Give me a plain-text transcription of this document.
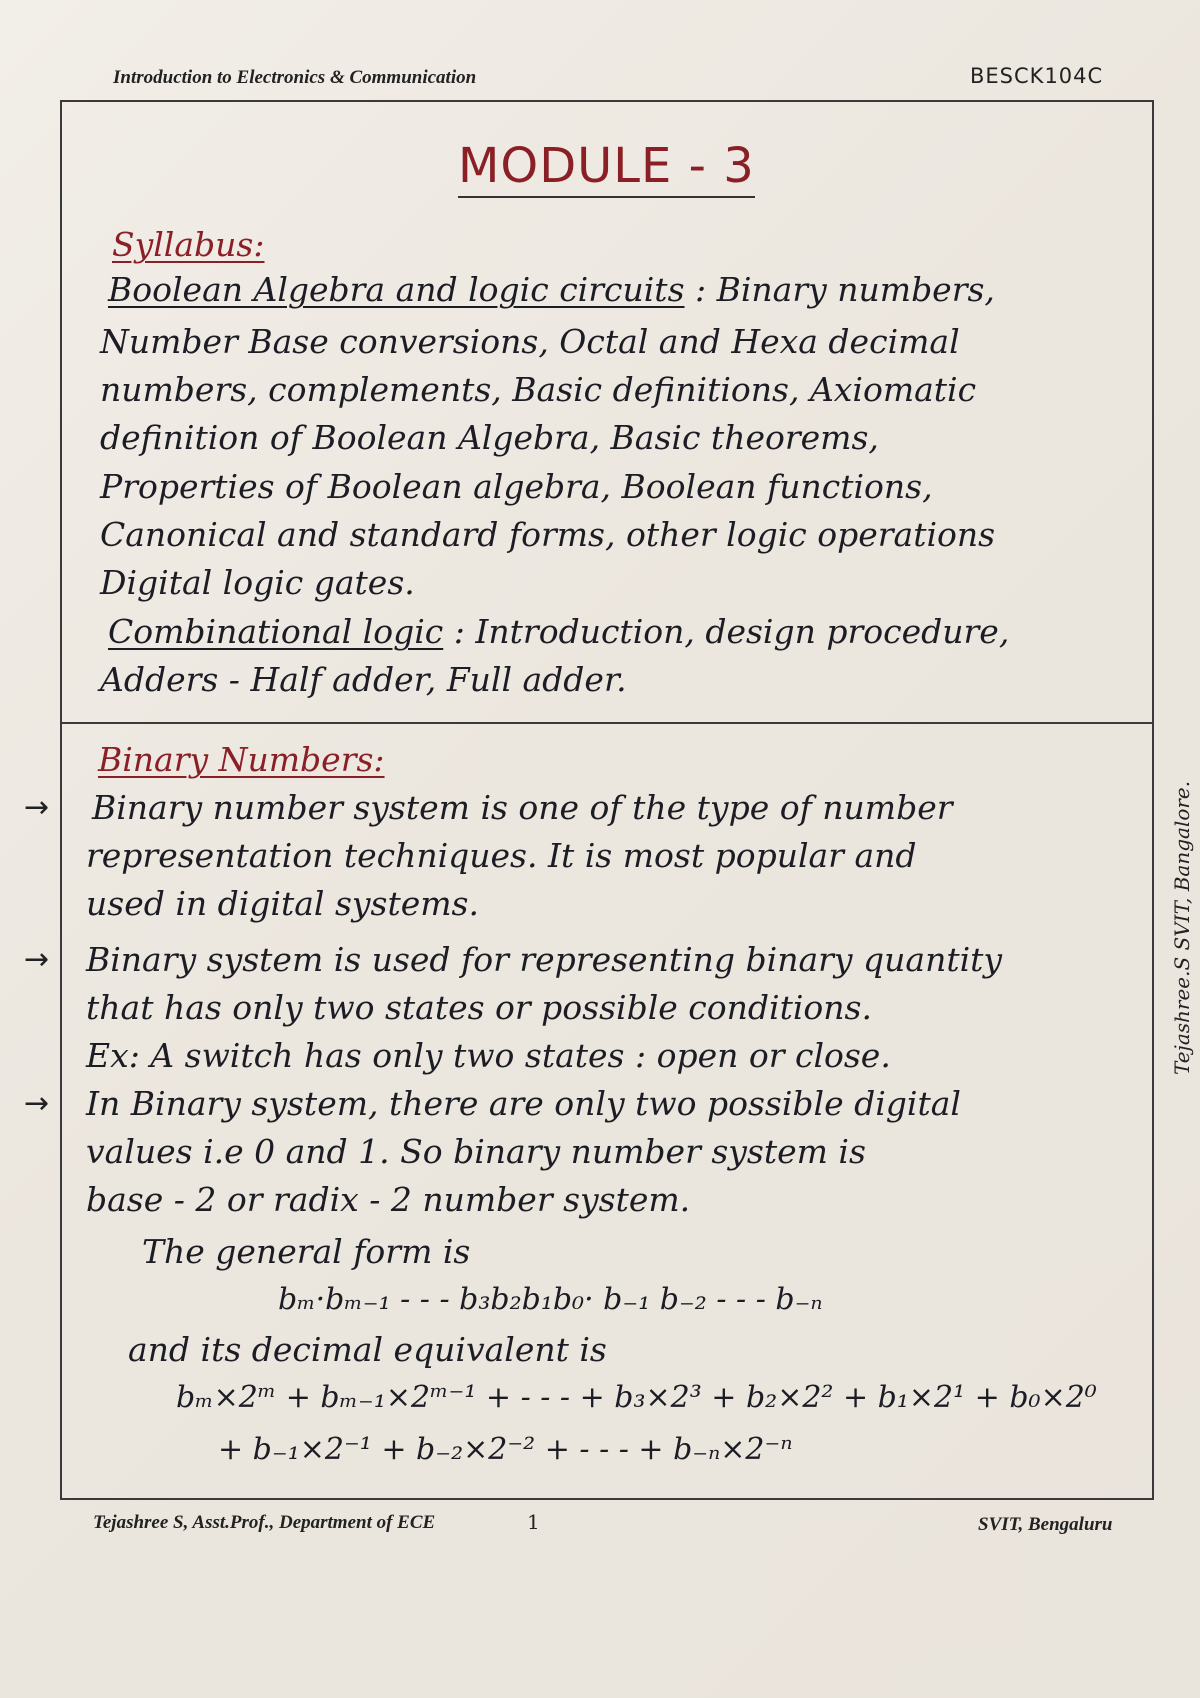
Introduction to Electronics & Communication	BESCK104C
MODULE - 3
Syllabus:
Boolean Algebra and logic circuits : Binary numbers,
Number Base conversions, Octal and Hexa decimal
numbers, complements, Basic definitions, Axiomatic
definition of Boolean Algebra, Basic theorems,
Properties of Boolean algebra, Boolean functions,
Canonical and standard forms, other logic operations
Digital logic gates.
Combinational logic : Introduction, design procedure,
Adders - Half adder, Full adder.
Binary Numbers:
→ Binary number system is one of the type of number
representation techniques. It is most popular and
used in digital systems.
→ Binary system is used for representing binary quantity
that has only two states or possible conditions.
Ex: A switch has only two states : open or close.
→ In Binary system, there are only two possible digital
values i.e 0 and 1. So binary number system is
base - 2 or radix - 2 number system.
The general form is
bₘ·bₘ₋₁ - - - b₃b₂b₁b₀· b₋₁ b₋₂ - - - b₋ₙ
and its decimal equivalent is
bₘ×2ᵐ + bₘ₋₁×2ᵐ⁻¹ + - - - + b₃×2³ + b₂×2² + b₁×2¹ + b₀×2⁰
+ b₋₁×2⁻¹ + b₋₂×2⁻² + - - - + b₋ₙ×2⁻ⁿ
Tejashree.S SVIT, Bangalore.
Tejashree S, Asst.Prof., Department of ECE	1	SVIT, Bengaluru
